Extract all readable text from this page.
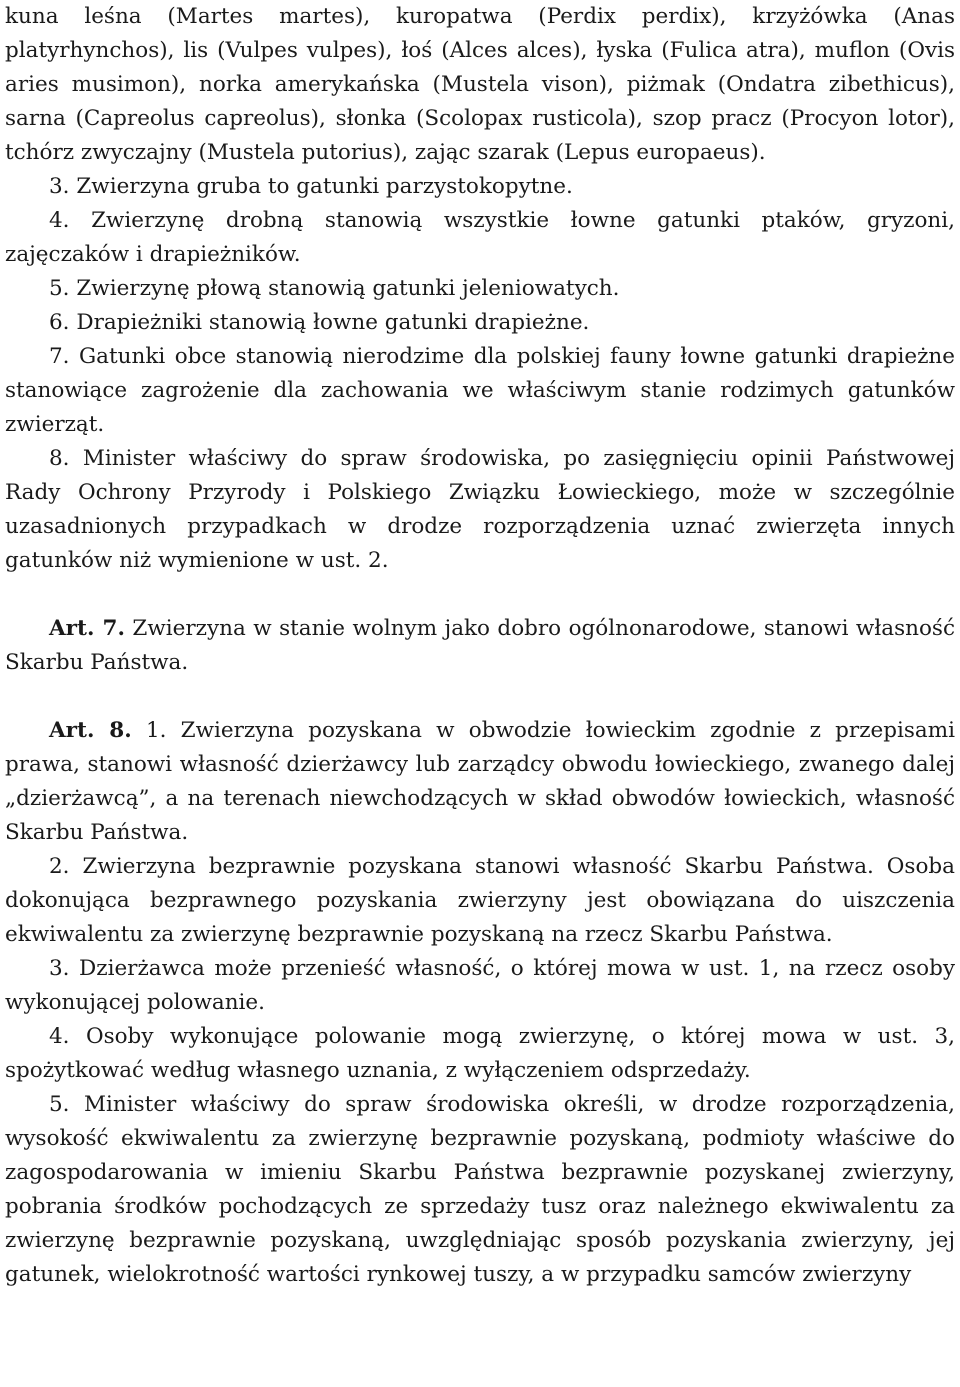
kuna leśna (Martes martes), kuropatwa (Perdix perdix), krzyżówka (Anas platyrhynchos), lis (Vulpes vulpes), łoś (Alces alces), łyska (Fulica atra), muflon (Ovis aries musimon), norka amerykańska (Mustela vison), piżmak (Ondatra zibethicus), sarna (Capreolus capreolus), słonka (Scolopax rusticola), szop pracz (Procyon lotor), tchórz zwyczajny (Mustela putorius), zając szarak (Lepus europaeus).

3. Zwierzyna gruba to gatunki parzystokopytne.

4. Zwierzynę drobną stanowią wszystkie łowne gatunki ptaków, gryzoni, zajęczaków i drapieżników.

5. Zwierzynę płową stanowią gatunki jeleniowatych.

6. Drapieżniki stanowią łowne gatunki drapieżne.

7. Gatunki obce stanowią nierodzime dla polskiej fauny łowne gatunki drapieżne stanowiące zagrożenie dla zachowania we właściwym stanie rodzimych gatunków zwierząt.

8. Minister właściwy do spraw środowiska, po zasięgnięciu opinii Państwowej Rady Ochrony Przyrody i Polskiego Związku Łowieckiego, może w szczególnie uzasadnionych przypadkach w drodze rozporządzenia uznać zwierzęta innych gatunków niż wymienione w ust. 2.

Art. 7. Zwierzyna w stanie wolnym jako dobro ogólnonarodowe, stanowi własność Skarbu Państwa.

Art. 8. 1. Zwierzyna pozyskana w obwodzie łowieckim zgodnie z przepisami prawa, stanowi własność dzierżawcy lub zarządcy obwodu łowieckiego, zwanego dalej „dzierżawcą”, a na terenach niewchodzących w skład obwodów łowieckich, własność Skarbu Państwa.

2. Zwierzyna bezprawnie pozyskana stanowi własność Skarbu Państwa. Osoba dokonująca bezprawnego pozyskania zwierzyny jest obowiązana do uiszczenia ekwiwalentu za zwierzynę bezprawnie pozyskaną na rzecz Skarbu Państwa.

3. Dzierżawca może przenieść własność, o której mowa w ust. 1, na rzecz osoby wykonującej polowanie.

4. Osoby wykonujące polowanie mogą zwierzynę, o której mowa w ust. 3, spożytkować według własnego uznania, z wyłączeniem odsprzedaży.

5. Minister właściwy do spraw środowiska określi, w drodze rozporządzenia, wysokość ekwiwalentu za zwierzynę bezprawnie pozyskaną, podmioty właściwe do zagospodarowania w imieniu Skarbu Państwa bezprawnie pozyskanej zwierzyny, pobrania środków pochodzących ze sprzedaży tusz oraz należnego ekwiwalentu za zwierzynę bezprawnie pozyskaną, uwzględniając sposób pozyskania zwierzyny, jej gatunek, wielokrotność wartości rynkowej tuszy, a w przypadku samców zwierzyny
